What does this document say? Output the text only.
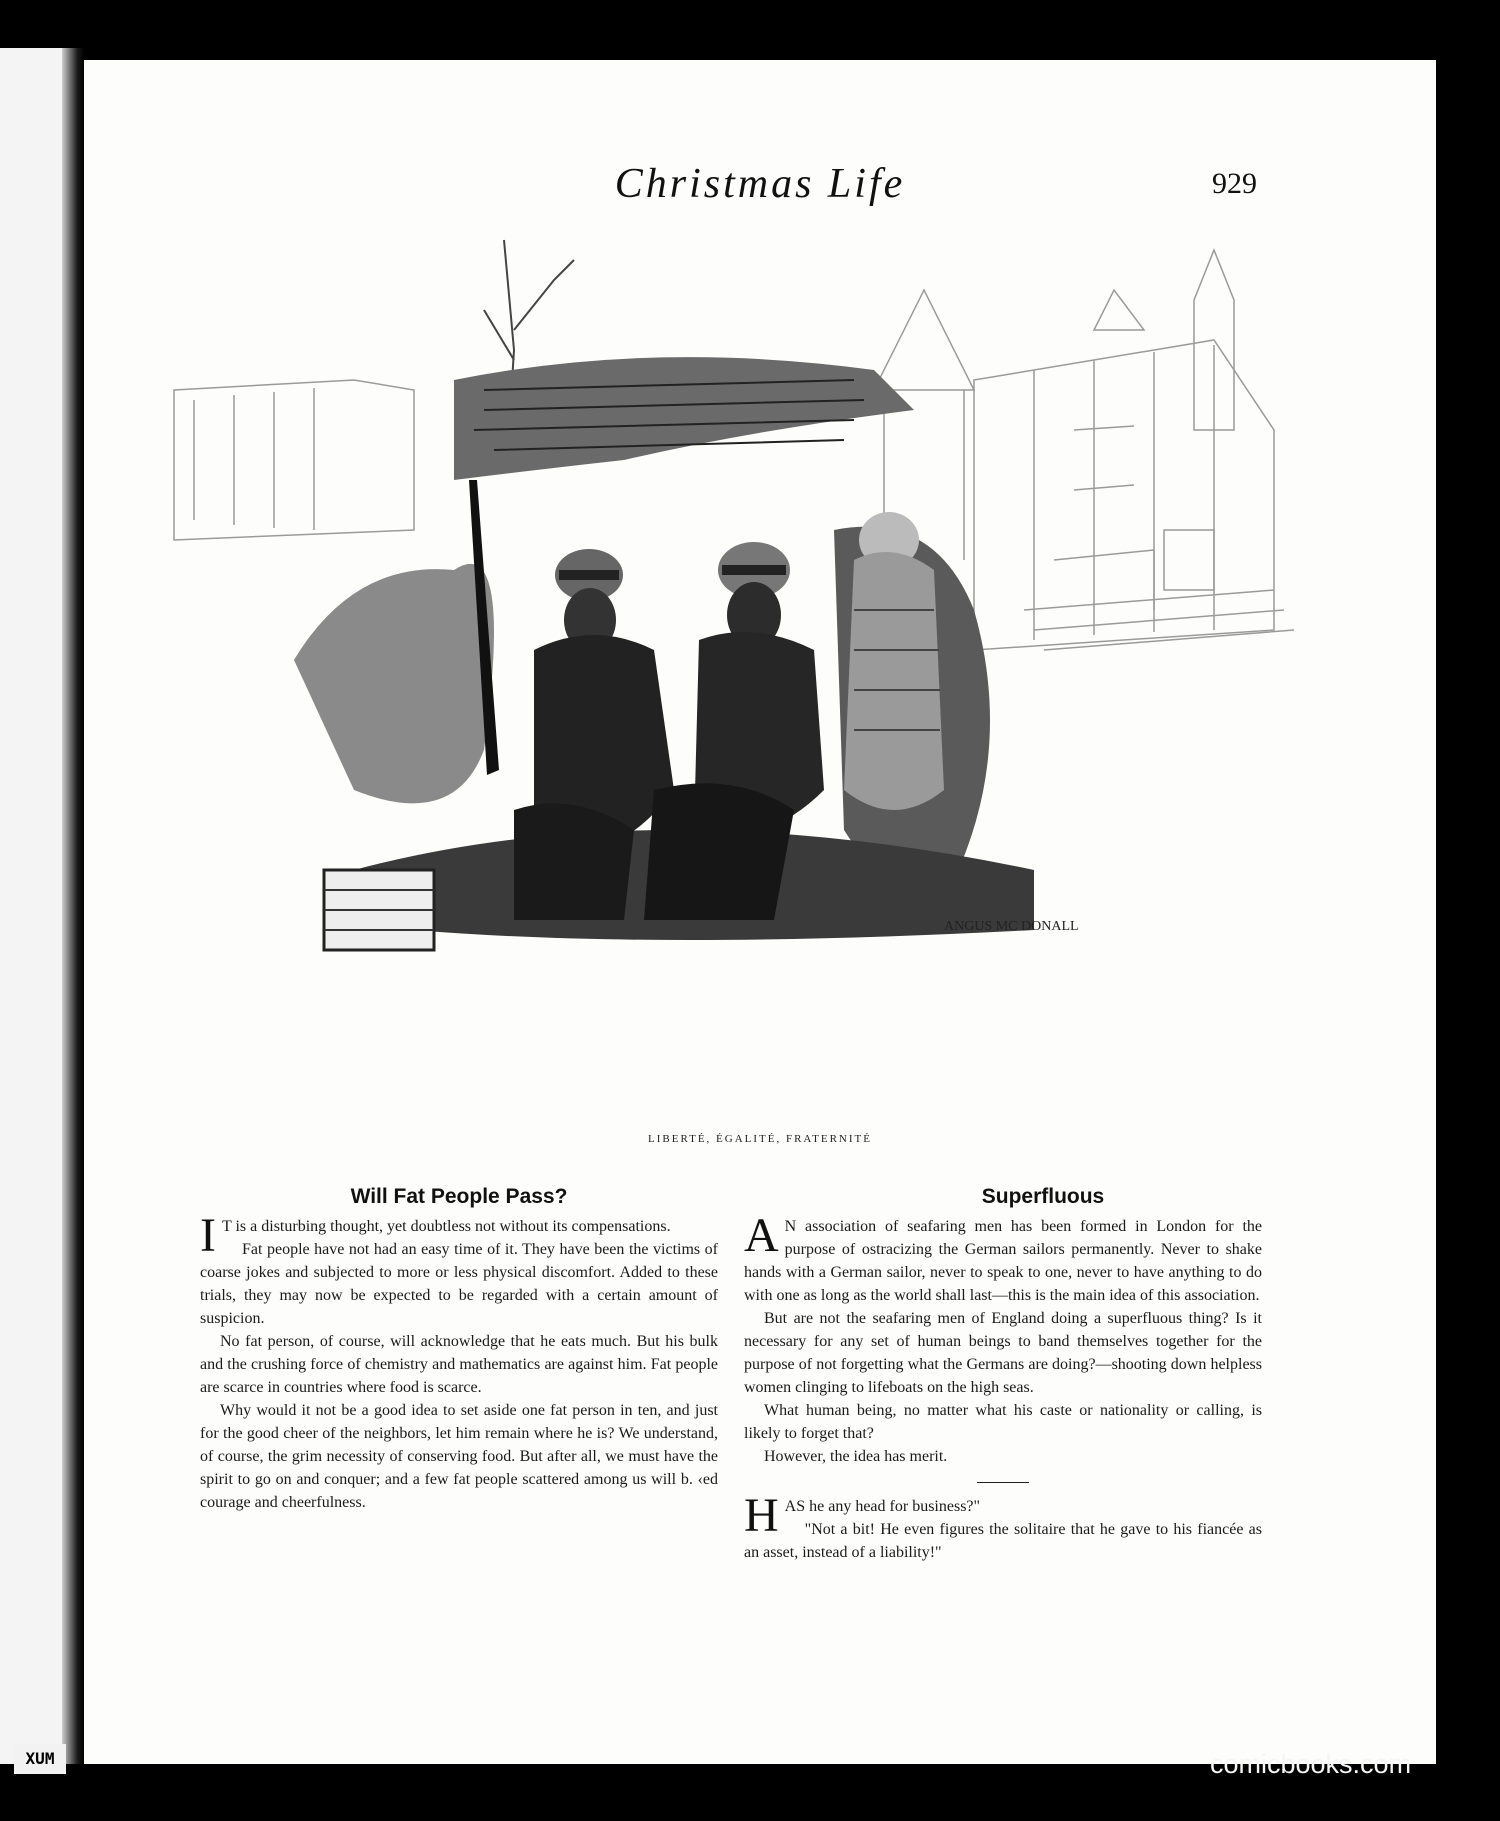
Christmas Life	929
ANGUS MC DONALL
LIBERTÉ, ÉGALITÉ, FRATERNITÉ
Will Fat People Pass?

I T is a disturbing thought, yet doubtless not without its compensations.

Fat people have not had an easy time of it. They have been the victims of coarse jokes and subjected to more or less physical discomfort. Added to these trials, they may now be expected to be regarded with a certain amount of suspicion.

No fat person, of course, will acknowledge that he eats much. But his bulk and the crushing force of chemistry and mathematics are against him. Fat people are scarce in countries where food is scarce.

Why would it not be a good idea to set aside one fat person in ten, and just for the good cheer of the neighbors, let him remain where he is? We understand, of course, the grim necessity of conserving food. But after all, we must have the spirit to go on and conquer; and a few fat people scattered among us will b. ‹ed courage and cheerfulness.

Superfluous

A N association of seafaring men has been formed in London for the purpose of ostracizing the German sailors permanently. Never to shake hands with a German sailor, never to speak to one, never to have anything to do with one as long as the world shall last—this is the main idea of this association.

But are not the seafaring men of England doing a superfluous thing? Is it necessary for any set of human beings to band themselves together for the purpose of not forgetting what the Germans are doing?—shooting down helpless women clinging to lifeboats on the high seas.

What human being, no matter what his caste or nationality or calling, is likely to forget that?

However, the idea has merit.

HAS he any head for business?"

"Not a bit! He even figures the solitaire that he gave to his fiancée as an asset, instead of a liability!"

XUM	comicbooks.com
